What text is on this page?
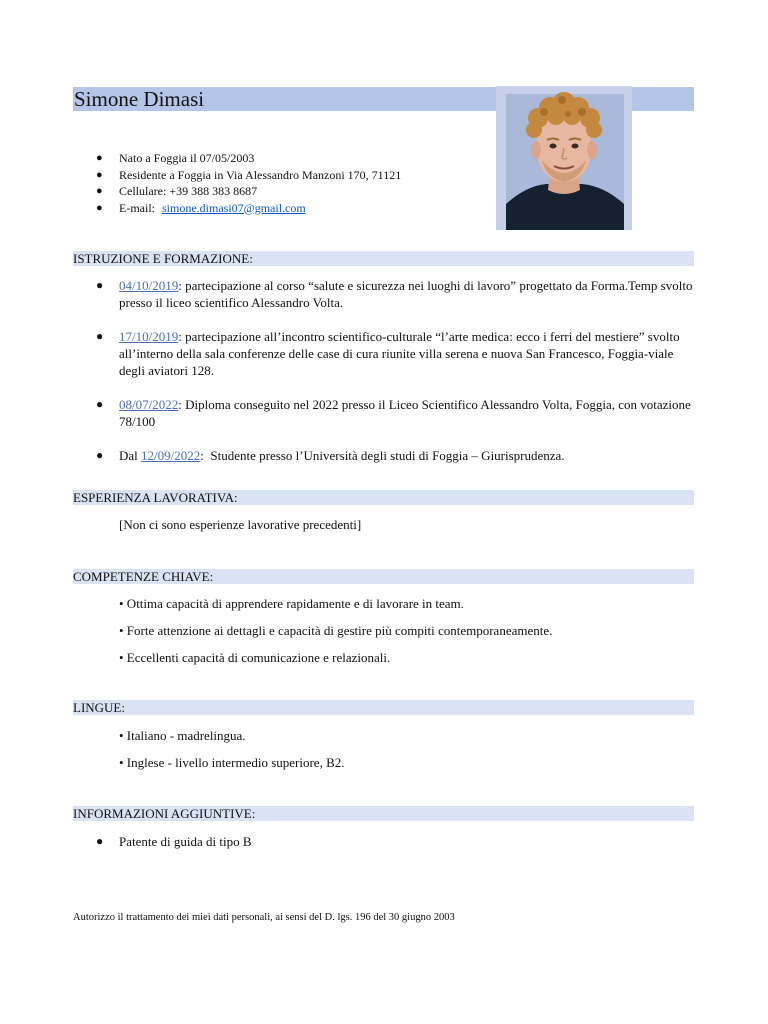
Simone Dimasi
● Nato a Foggia il 07/05/2003
● Residente a Foggia in Via Alessandro Manzoni 170, 71121
● Cellulare: +39 388 383 8687
● E-mail: simone.dimasi07@gmail.com
ISTRUZIONE E FORMAZIONE:
● 04/10/2019: partecipazione al corso “salute e sicurezza nei luoghi di lavoro” progettato da Forma.Temp svolto presso il liceo scientifico Alessandro Volta.
● 17/10/2019: partecipazione all’incontro scientifico-culturale “l’arte medica: ecco i ferri del mestiere” svolto all’interno della sala conferenze delle case di cura riunite villa serena e nuova San Francesco, Foggia-viale degli aviatori 128.
● 08/07/2022: Diploma conseguito nel 2022 presso il Liceo Scientifico Alessandro Volta, Foggia, con votazione 78/100
● Dal 12/09/2022:  Studente presso l’Università degli studi di Foggia – Giurisprudenza.
ESPERIENZA LAVORATIVA:
[Non ci sono esperienze lavorative precedenti]
COMPETENZE CHIAVE:
• Ottima capacità di apprendere rapidamente e di lavorare in team.
• Forte attenzione ai dettagli e capacità di gestire più compiti contemporaneamente.
• Eccellenti capacità di comunicazione e relazionali.
LINGUE:
• Italiano - madrelingua.
• Inglese - livello intermedio superiore, B2.
INFORMAZIONI AGGIUNTIVE:
● Patente di guida di tipo B
Autorizzo il trattamento dei miei dati personali, ai sensi del D. lgs. 196 del 30 giugno 2003
